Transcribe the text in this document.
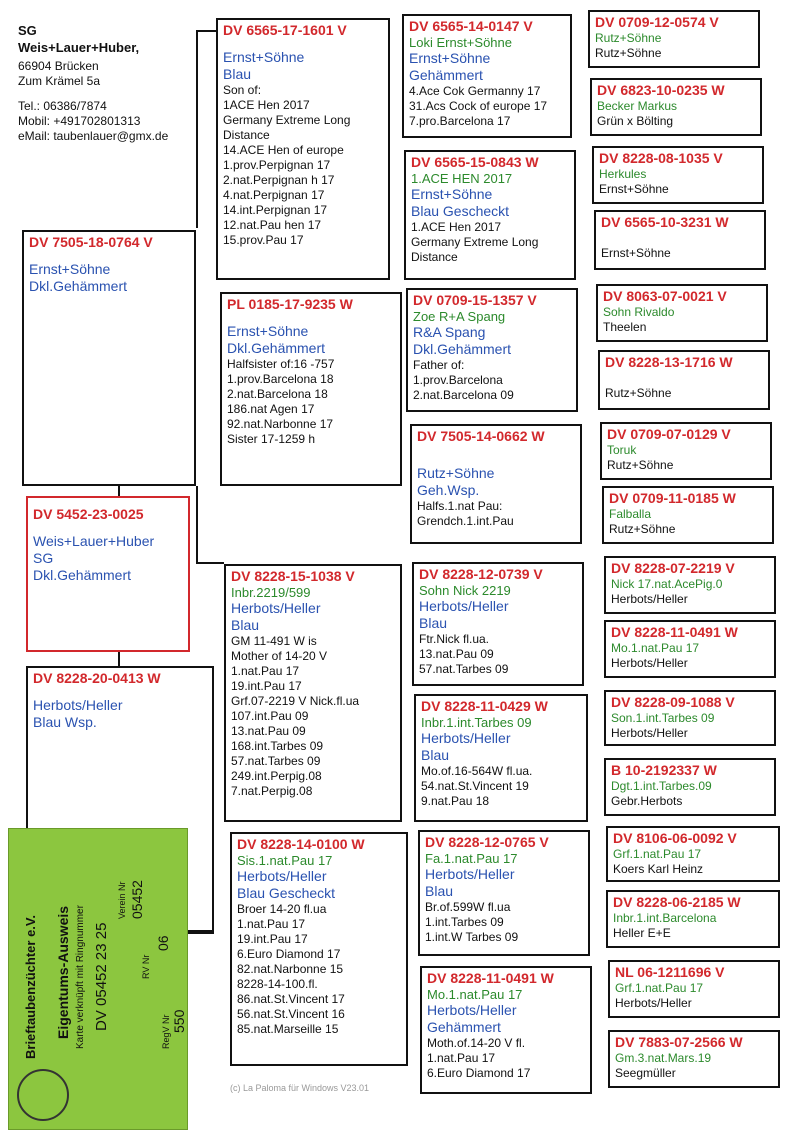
SG
Weis+Lauer+Huber,
66904 Brücken
Zum Krämel 5a
Tel.: 06386/7874
Mobil: +491702801313
eMail: taubenlauer@gmx.de
DV 7505-18-0764 V
Ernst+Söhne
Dkl.Gehämmert
DV 5452-23-0025
Weis+Lauer+Huber
SG
Dkl.Gehämmert
DV 8228-20-0413 W
Herbots/Heller
Blau Wsp.
DV 6565-17-1601 V
Ernst+Söhne
Blau
Son of:
1ACE Hen 2017
Germany Extreme Long
Distance
14.ACE Hen of europe
1.prov.Perpignan 17
2.nat.Perpignan h 17
4.nat.Perpignan 17
14.int.Perpignan 17
12.nat.Pau hen 17
15.prov.Pau 17
PL 0185-17-9235 W
Ernst+Söhne
Dkl.Gehämmert
Halfsister of:16 -757
1.prov.Barcelona 18
2.nat.Barcelona 18
186.nat Agen 17
92.nat.Narbonne 17
Sister 17-1259 h
DV 8228-15-1038 V
Inbr.2219/599
Herbots/Heller
Blau
GM 11-491 W is
Mother of 14-20 V
1.nat.Pau 17
19.int.Pau 17
Grf.07-2219 V Nick.fl.ua
107.int.Pau 09
13.nat.Pau 09
168.int.Tarbes 09
57.nat.Tarbes 09
249.int.Perpig.08
7.nat.Perpig.08
DV 8228-14-0100 W
Sis.1.nat.Pau 17
Herbots/Heller
Blau Gescheckt
Broer 14-20 fl.ua
1.nat.Pau 17
19.int.Pau 17
6.Euro Diamond 17
82.nat.Narbonne 15
8228-14-100.fl.
86.nat.St.Vincent 17
56.nat.St.Vincent 16
85.nat.Marseille 15
DV 6565-14-0147 V
Loki Ernst+Söhne
Ernst+Söhne
Gehämmert
4.Ace Cok Germanny 17
31.Acs Cock of europe 17
7.pro.Barcelona 17
DV 6565-15-0843 W
1.ACE HEN 2017
Ernst+Söhne
Blau Gescheckt
1.ACE Hen 2017
Germany Extreme Long
Distance
DV 0709-15-1357 V
Zoe R+A Spang
R&A Spang
Dkl.Gehämmert
Father of:
1.prov.Barcelona
2.nat.Barcelona 09
DV 7505-14-0662 W
Rutz+Söhne
Geh.Wsp.
Halfs.1.nat Pau:
Grendch.1.int.Pau
DV 8228-12-0739 V
Sohn Nick 2219
Herbots/Heller
Blau
Ftr.Nick fl.ua.
13.nat.Pau 09
57.nat.Tarbes 09
DV 8228-11-0429 W
Inbr.1.int.Tarbes 09
Herbots/Heller
Blau
Mo.of.16-564W fl.ua.
54.nat.St.Vincent 19
9.nat.Pau 18
DV 8228-12-0765 V
Fa.1.nat.Pau 17
Herbots/Heller
Blau
Br.of.599W fl.ua
1.int.Tarbes 09
1.int.W Tarbes 09
DV 8228-11-0491 W
Mo.1.nat.Pau 17
Herbots/Heller
Gehämmert
Moth.of.14-20 V fl.
1.nat.Pau 17
6.Euro Diamond 17
DV 0709-12-0574 V
Rutz+Söhne
Rutz+Söhne
DV 6823-10-0235 W
Becker Markus
Grün x Bölting
DV 8228-08-1035 V
Herkules
Ernst+Söhne
DV 6565-10-3231 W
Ernst+Söhne
DV 8063-07-0021 V
Sohn Rivaldo
Theelen
DV 8228-13-1716 W
Rutz+Söhne
DV 0709-07-0129 V
Toruk
Rutz+Söhne
DV 0709-11-0185 W
Falballa
Rutz+Söhne
DV 8228-07-2219 V
Nick 17.nat.AcePig.0
Herbots/Heller
DV 8228-11-0491 W
Mo.1.nat.Pau 17
Herbots/Heller
DV 8228-09-1088 V
Son.1.int.Tarbes 09
Herbots/Heller
B 10-2192337 W
Dgt.1.int.Tarbes.09
Gebr.Herbots
DV 8106-06-0092 V
Grf.1.nat.Pau 17
Koers Karl Heinz
DV 8228-06-2185 W
Inbr.1.int.Barcelona
Heller E+E
NL 06-1211696 V
Grf.1.nat.Pau 17
Herbots/Heller
DV 7883-07-2566 W
Gm.3.nat.Mars.19
Seegmüller
Brieftaubenzüchter e.V. Eigentums-Ausweis Karte verknüpft mit Ringnummer DV 05452 23 25
Verein Nr 05452
RV Nr
06
RegV Nr 550
(c) La Paloma für Windows V23.01
